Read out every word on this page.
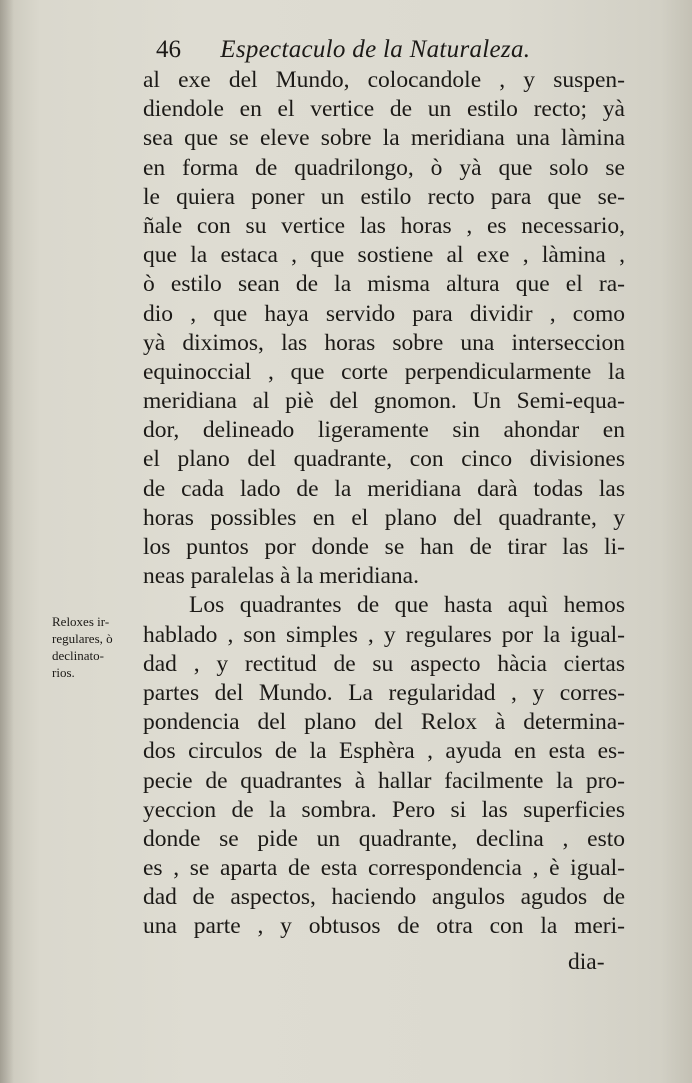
46 Espectaculo de la Naturaleza.
Reloxes ir-
regulares, ò
declinato-
rios.
al exe del Mundo, colocandole , y suspen-
diendole en el vertice de un estilo recto; yà
sea que se eleve sobre la meridiana una làmina
en forma de quadrilongo, ò yà que solo se
le quiera poner un estilo recto para que se-
ñale con su vertice las horas , es necessario,
que la estaca , que sostiene al exe , làmina ,
ò estilo sean de la misma altura que el ra-
dio , que haya servido para dividir , como
yà diximos, las horas sobre una interseccion
equinoccial , que corte perpendicularmente la
meridiana al piè del gnomon. Un Semi-equa-
dor, delineado ligeramente sin ahondar en
el plano del quadrante, con cinco divisiones
de cada lado de la meridiana darà todas las
horas possibles en el plano del quadrante, y
los puntos por donde se han de tirar las li-
neas paralelas à la meridiana.
Los quadrantes de que hasta aquì hemos
hablado , son simples , y regulares por la igual-
dad , y rectitud de su aspecto hàcia ciertas
partes del Mundo. La regularidad , y corres-
pondencia del plano del Relox à determina-
dos circulos de la Esphèra , ayuda en esta es-
pecie de quadrantes à hallar facilmente la pro-
yeccion de la sombra. Pero si las superficies
donde se pide un quadrante, declina , esto
es , se aparta de esta correspondencia , è igual-
dad de aspectos, haciendo angulos agudos de
una parte , y obtusos de otra con la meri-
dia-
